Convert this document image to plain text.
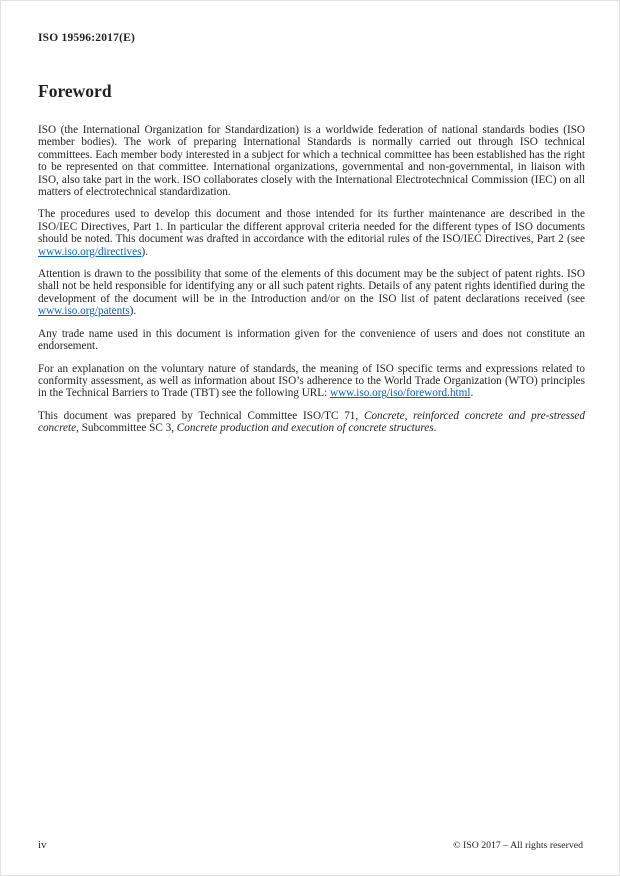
ISO 19596:2017(E)
Foreword

ISO (the International Organization for Standardization) is a worldwide federation of national standards bodies (ISO member bodies). The work of preparing International Standards is normally carried out through ISO technical committees. Each member body interested in a subject for which a technical committee has been established has the right to be represented on that committee. International organizations, governmental and non-governmental, in liaison with ISO, also take part in the work. ISO collaborates closely with the International Electrotechnical Commission (IEC) on all matters of electrotechnical standardization.

The procedures used to develop this document and those intended for its further maintenance are described in the ISO/IEC Directives, Part 1. In particular the different approval criteria needed for the different types of ISO documents should be noted. This document was drafted in accordance with the editorial rules of the ISO/IEC Directives, Part 2 (see www.iso.org/directives).

Attention is drawn to the possibility that some of the elements of this document may be the subject of patent rights. ISO shall not be held responsible for identifying any or all such patent rights. Details of any patent rights identified during the development of the document will be in the Introduction and/or on the ISO list of patent declarations received (see www.iso.org/patents).

Any trade name used in this document is information given for the convenience of users and does not constitute an endorsement.

For an explanation on the voluntary nature of standards, the meaning of ISO specific terms and expressions related to conformity assessment, as well as information about ISO’s adherence to the World Trade Organization (WTO) principles in the Technical Barriers to Trade (TBT) see the following URL: www.iso.org/iso/foreword.html.

This document was prepared by Technical Committee ISO/TC 71, Concrete, reinforced concrete and pre-stressed concrete, Subcommittee SC 3, Concrete production and execution of concrete structures.

iv	© ISO 2017 – All rights reserved
